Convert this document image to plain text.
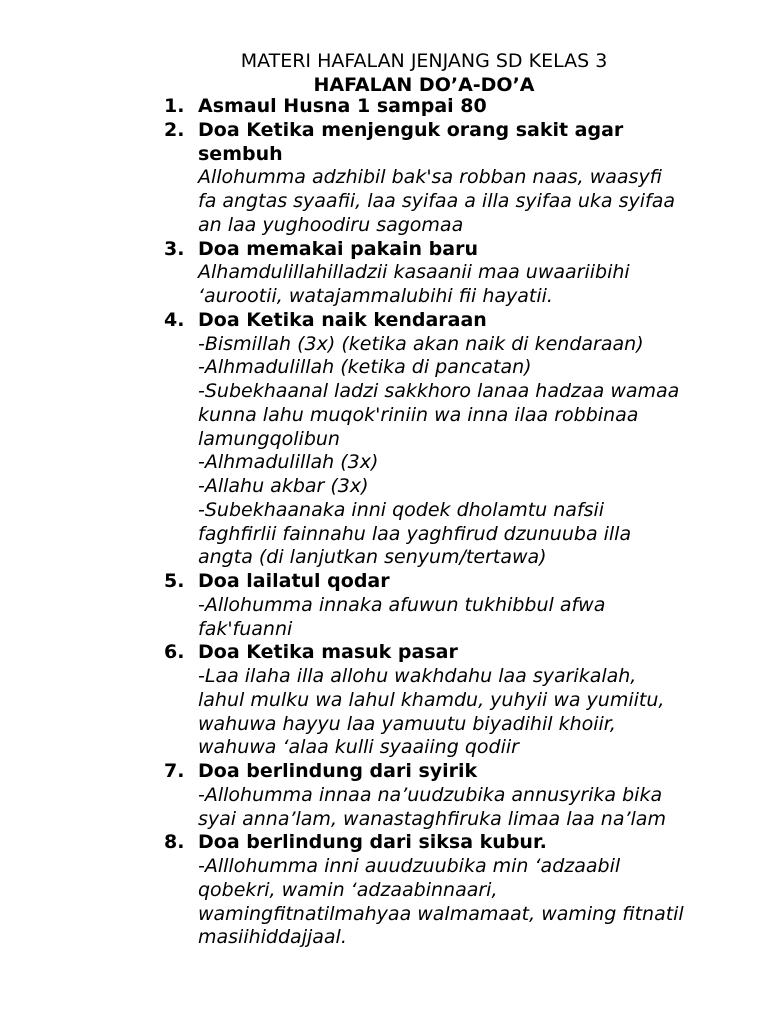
MATERI HAFALAN JENJANG SD KELAS 3
HAFALAN DO’A-DO’A
1. Asmaul Husna 1 sampai 80
2. Doa Ketika menjenguk orang sakit agar
sembuh
Allohumma adzhibil bak'sa robban naas, waasyfi
fa angtas syaafii, laa syifaa a illa syifaa uka syifaa
an laa yughoodiru sagomaa
3. Doa memakai pakain baru
Alhamdulillahilladzii kasaanii maa uwaariibihi
‘aurootii, watajammalubihi fii hayatii.
4. Doa Ketika naik kendaraan
-Bismillah (3x) (ketika akan naik di kendaraan)
-Alhmadulillah (ketika di pancatan)
-Subekhaanal ladzi sakkhoro lanaa hadzaa wamaa
kunna lahu muqok'riniin wa inna ilaa robbinaa
lamungqolibun
-Alhmadulillah (3x)
-Allahu akbar (3x)
-Subekhaanaka inni qodek dholamtu nafsii
faghfirlii fainnahu laa yaghfirud dzunuuba illa
angta (di lanjutkan senyum/tertawa)
5. Doa lailatul qodar
-Allohumma innaka afuwun tukhibbul afwa
fak'fuanni
6. Doa Ketika masuk pasar
-Laa ilaha illa allohu wakhdahu laa syarikalah,
lahul mulku wa lahul khamdu, yuhyii wa yumiitu,
wahuwa hayyu laa yamuutu biyadihil khoiir,
wahuwa ‘alaa kulli syaaiing qodiir
7. Doa berlindung dari syirik
-Allohumma innaa na’uudzubika annusyrika bika
syai anna’lam, wanastaghfiruka limaa laa na’lam
8. Doa berlindung dari siksa kubur.
-Alllohumma inni auudzuubika min ‘adzaabil
qobekri, wamin ‘adzaabinnaari,
wamingfitnatilmahyaa walmamaat, waming fitnatil
masiihiddajjaal.
